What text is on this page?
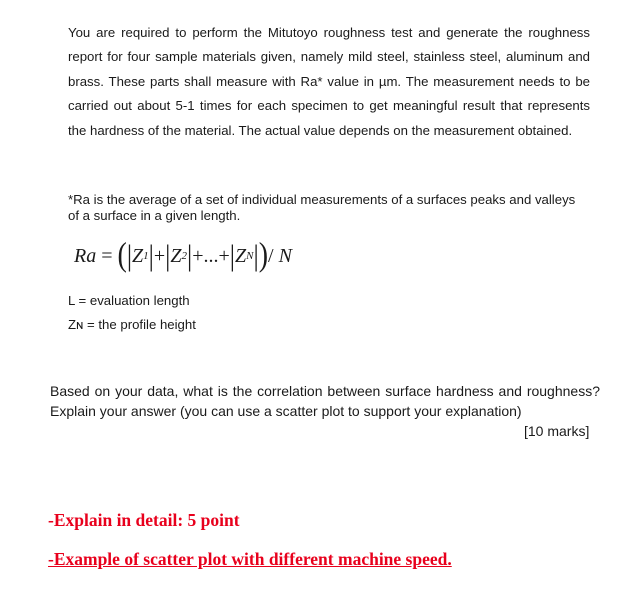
You are required to perform the Mitutoyo roughness test and generate the roughness report for four sample materials given, namely mild steel, stainless steel, aluminum and brass. These parts shall measure with Ra* value in µm. The measurement needs to be carried out about 5-1 times for each specimen to get meaningful result that represents the hardness of the material. The actual value depends on the measurement obtained.
*Ra is the average of a set of individual measurements of a surfaces peaks and valleys of a surface in a given length.
Ra = ( | Z 1 | + | Z 2 | + ... + | Z N | ) / N
L = evaluation length
Zɴ = the profile height
Based on your data, what is the correlation between surface hardness and roughness? Explain your answer (you can use a scatter plot to support your explanation)
[10 marks]
-Explain in detail: 5 point
-Example of scatter plot with different machine speed.
